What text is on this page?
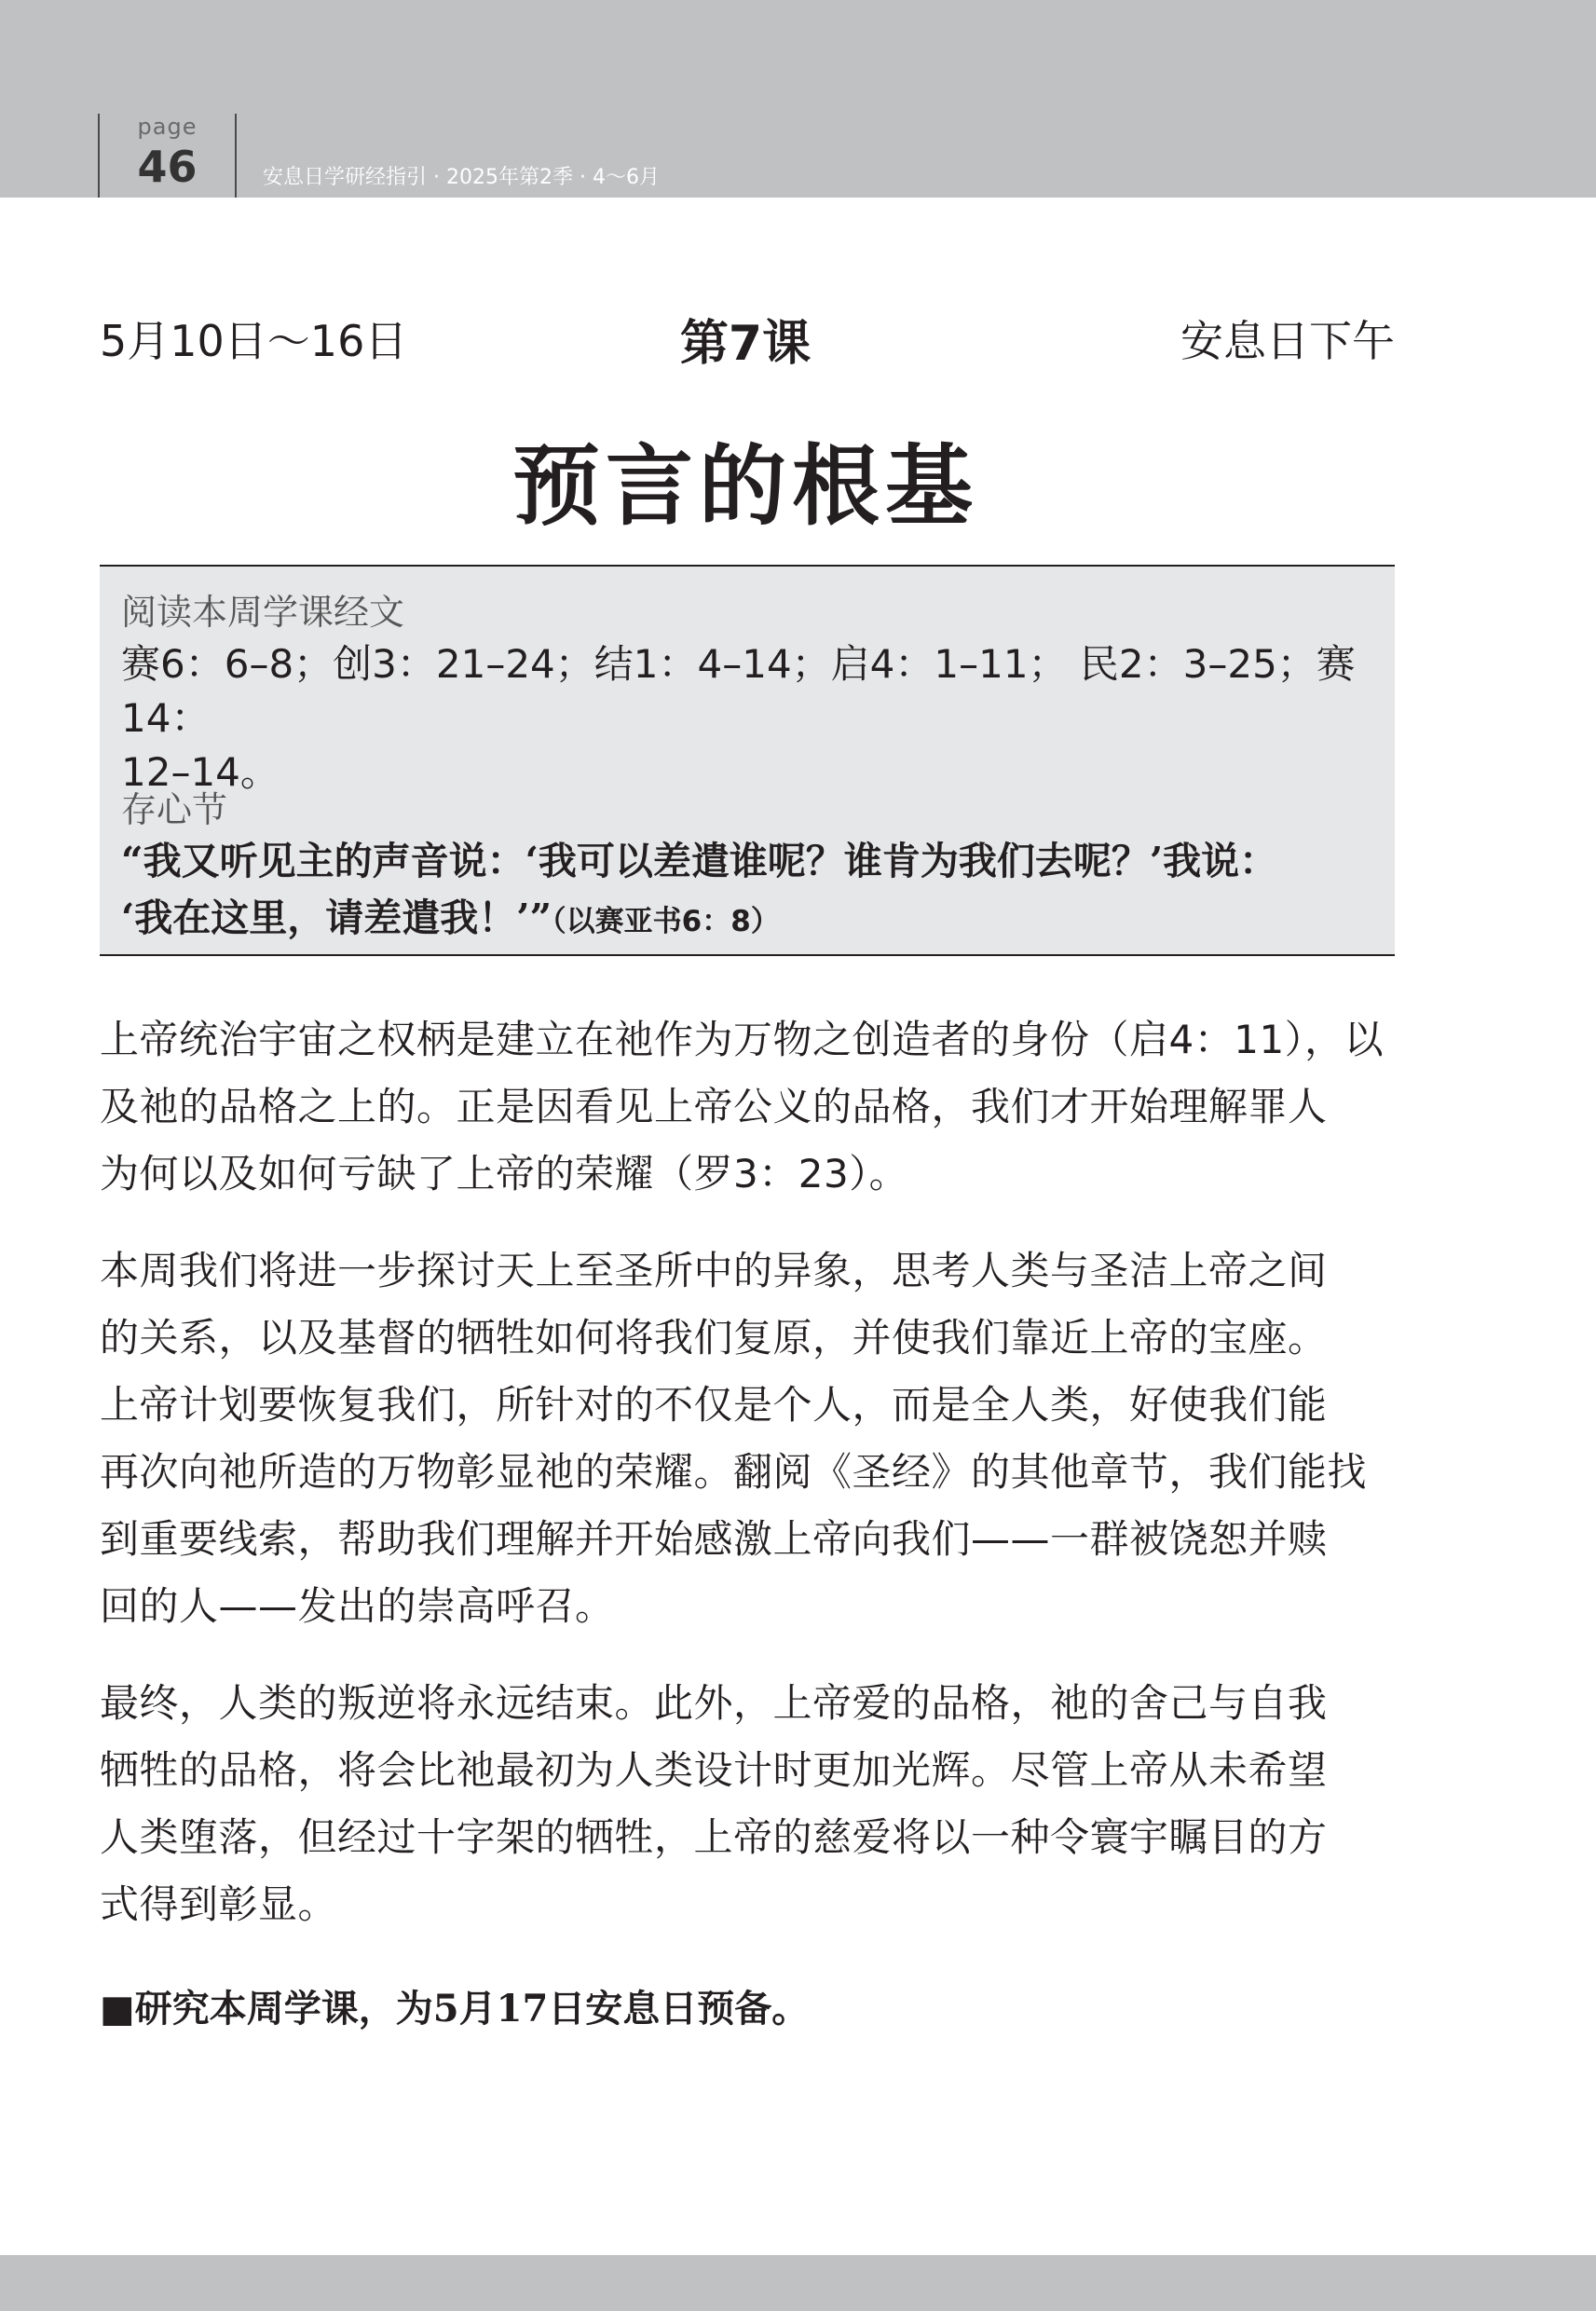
page
46	安息日学研经指引 · 2025年第2季 · 4～6月
5月10日～16日	第7课	安息日下午
预言的根基
阅读本周学课经文
赛6：6–8；创3：21–24；结1：4–14；启4：1–11； 民2：3–25；赛14：
12–14。
存心节
“我又听见主的声音说：‘我可以差遣谁呢？谁肯为我们去呢？’我说：
‘我在这里，请差遣我！’”（以赛亚书6：8）

上帝统治宇宙之权柄是建立在祂作为万物之创造者的身份（启4：11），以

及祂的品格之上的。正是因看见上帝公义的品格，我们才开始理解罪人

为何以及如何亏缺了上帝的荣耀（罗3：23）。

本周我们将进一步探讨天上至圣所中的异象，思考人类与圣洁上帝之间

的关系，以及基督的牺牲如何将我们复原，并使我们靠近上帝的宝座。

上帝计划要恢复我们，所针对的不仅是个人，而是全人类，好使我们能

再次向祂所造的万物彰显祂的荣耀。翻阅《圣经》的其他章节，我们能找

到重要线索，帮助我们理解并开始感激上帝向我们——一群被饶恕并赎

回的人——发出的崇高呼召。

最终，人类的叛逆将永远结束。此外，上帝爱的品格，祂的舍己与自我

牺牲的品格，将会比祂最初为人类设计时更加光辉。尽管上帝从未希望

人类堕落，但经过十字架的牺牲，上帝的慈爱将以一种令寰宇瞩目的方

式得到彰显。

■研究本周学课，为5月17日安息日预备。
